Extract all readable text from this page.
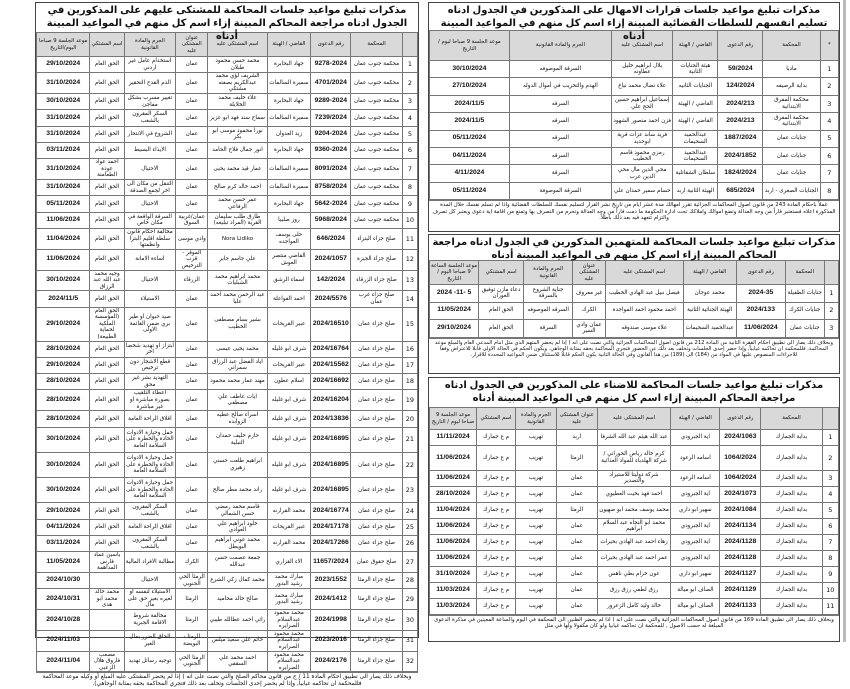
مذكرات تبليغ مواعيد جلسات المحاكمة للمشتكى عليهم على المذكورين في الجدول ادناه مراجعة المحاكم المبينة إزاء اسم كل منهم في المواعيد المبينة أدناه
	المحكمة	رقم الدعوى	القاضي / الهيئة	اسم المشتكى عليه	عنوان المشتكى عليه	الجرم والمادة القانونية	اسم المشتكي	موعد الجلسة 9 صباحا اليوم/التاريخ
1	محكمة جنوب عمان	9278-2024	جهاد البحابرة	محمد حسن محمود طبلان	عمان	استخدام عامل غير اردني	الحق العام	29/10/2024
2	محكمة جنوب عمان	4701/2024	سميرة السالمات	الشريف لؤي محمد عبدالكريم بصفته مشتكي	عمان	الذم القدح التحقير	الحق العام	31/10/2024
3	محكمة جنوب عمان	9289-2024	جهاد البحابرة	علاء خليف محمد الخلايلة	عمان	تغيير مسرب بشكل مفاجئ	الحق العام	30/10/2024
4	محكمة جنوب عمان	7239/2024	سميرة السالمات	سماح سند فهد ابو عزيز	عمان	السكر المقرون بالشغب	الحق العام	31/10/2024
5	محكمة جنوب عمان	9204-2024	زيد العدوان	نورا محمود موسى ابو بكر	عمان	الشروع في الانتحار	الحق العام	31/10/2024
6	محكمة جنوب عمان	9360-2024	جهاد البحابرة	انور جمال فلاح الحامد	عمان	الايذاء البسيط	الحق العام	03/11/2024
7	محكمة جنوب عمان	8091/2024	سميرة السالمات	عمار قيد محمد يحيى	عمان	الاحتيال	احمد عواد عودة الطعامنة	31/10/2024
8	محكمة جنوب عمان	8758/2024	سميرة السالمات	احمد خالد كرم صالح	عمان	التنقل من مكان الى اخر لجمع الصدقة	الحق العام	31/10/2024
9	محكمة جنوب عمان	5642-2024	جهاد البحابرة	عمر حسن محمد الرفاعي	عمان	الاحتيال	الحق العام	05/11/2024
10	محكمة جنوب عمان	5968/2024	روز صليبا	طارق طلب سليمان القرية (المراد تبليغه)	عمان/غربية السوق	السرقة الواقعة في مكان خاص	الحق العام	11/06/2024
11	صلح جزاء البتراء	646/2024	حلى يوسف العواجده	Nora Lidiko	وادي موسى	مخالفة احكام قانون سلطة اقليم البترا وانظمتها	الحق العام	11/04/2024
12	صلح جزاء الجيزة	2024/1057	القاضي منتصر العوش	علي جاسم جابر	الموقر - قرب الترخيص	اساءة الامانة	الحق العام	11/06/2024
13	صلح جزاء الزرقاء	142/2024	اسماء الرشق	محمد ابراهيم محمد الشبليات	الزرقاء	الاحتيال	وجيه محمد عبد الله عبد الرزاق	30/10/2024
14	صلح جزاء غرب عمان	2024/5576	احمد الفواعلة	عبد الرحمن محمد احمد علبا	عمان	الاستيلاء	الحق العام	2024/11/5
15	صلح جزاء عمان	2024/16510	عبير القريحات	بشير بسام مصطفى الخطيب	عمان	صيد حيوان او طير بري ضمن القائمة الاولى	الحق العام (المؤسسة الملكية لحماية الطبيعة)	29/10/2024
16	صلح جزاء عمان	2024/16764	شرف ابو غليله	محمد يحيى عيسى	عمان	ابتزاز او تهديد شخصا اخر	الحق العام	28/10/2024
17	صلح جزاء عمان	2024/15562	عبير القريحات	اياد الفضل عبد الرزاق سمراني	عمان	قطع الاشجار دون ترخيص	الحق العام	29/10/2024
18	صلح جزاء عمان	2024/16692	اسلام عطون	مهند عمار محمد محمود	عمان	التهديد بشر غير محق	الحق العام	28/10/2024
19	صلح جزاء عمان	2024/16204	شرف ابو غليله	ايات عاطف علي مصطفى	عمان	اعطاء التلقيب بصورة مباشرة او غير مباشرة	الحق العام	28/10/2024
20	صلح جزاء عمان	2024/13836	شرف ابو غليله	اسراء صالح عطيه الزوابده	عمان	اقلاق الراحة العامة	الحق العام	28/10/2024
21	صلح جزاء عمان	2024/16895	شرف ابو غليله	حازم خليف حمدان النبلية	عمان	حمل وحيازة الادوات الحادة والخطرة على السلامة العامة	الحق العام	30/10/2024
22	صلح جزاء عمان	2024/16895	شرف ابو غليله	ابراهيم طلعت حسني زهيري	عمان	حمل وحيازة الادوات الحادة والخطرة على السلامة العامة	الحق العام	30/10/2024
23	صلح جزاء عمان	2024/16895	شرف ابو غليله	راند محمد مطر صالح	عمان	حمل وحيازة الادوات الحادة والخطرة على السلامة العامة	الحق العام	30/10/2024
24	صلح جزاء عمان	2024/16774	محمد القرارنه	قاسم محمد رمضي حسن الشمالي	عمان	السكر المقرون بالشغب	الحق العام	29/10/2024
25	صلح جزاء عمان	2024/17178	عبير القريحات	خلود ابراهيم علي العوادي	عمان	اقلاق الراحة العامة	الحق العام	04/11/2024
26	صلح جزاء عمان	2024/17266	محمد القرارنه	محمد عوني ابراهيم البويطل	عمان	السكر المقرون بالشغب	الحق العام	03/11/2024
27	صلح حقوق عمان	11657/2024	الاء القزاري	جمعة عصمت حسن عبدالله	الكرك	مطالبة الافراد المالية	ياسين عماد فارس المداهمة	11/05/2024
28	صلح جزاء الرمثا	2023/1552	مبارك محمد رشيد البدور	محمد كمال زكي الشرع	الرمثا الحي الجنوبي	الاحتيال		2024/10/30
29	صلح جزاء الرمثا	2024/1412	مبارك محمد رشيد البدور	صالح خالد محاميد	الرمثا	الاستيلاء لنفسه او لغيره بغير حق على مال	محمد خالد محمد ابو هدى	2024/10/31
30	صلح جزاء الرمثا	2024/1998	محمد محمود عبدالسلام الصرايره	رائي احمد عطالله طيبي	الرمثا	مخالفة شروط الاقامة الجبرية		2024/10/28
31	صلح جزاء الرمثا	2023/2016	محمد محمود عبدالسلام الصرايره	حاتم علي سعيد ميلس	الرمثا - البويضة	الحاق الضرر بمال الغير		2024/11/03
32	صلح جزاء الرمثا	2024/2176	محمد محمود عبدالسلام الصرايره	احمد محمد علي السقفي	الرمثا الحي الجنوبي	توجيه رسائل تهديد	مصعب فاروق هلال الزعبي	2024/11/04
وبخلاف ذلك يصار الى تطبيق احكام المادة 11 / ج من قانون محاكم الصلح والتي نصت على انه ( إذا لم يحضر المشتكى عليه المبلغ أو وكيله موعد المحاكمة فللمحكمة ان تحاكمه غيابياً, وإذا لم يحضر إحدى الجلسات وتخلف بعد ذلك فتجري المحاكمة بحقه بمثابة الوجاهي).
مذكرات تبليغ مواعيد جلسات قرارات الامهال على المذكورين في الجدول ادناه تسليم انفسهم للسلطات القضائية المبينة إزاء اسم كل منهم في المواعيد المبينة أدناه
*	المحكمة	رقم الدعوى	القاضي / الهيئة	اسم المشتكى عليه	الجرم والمادة القانونية	موعد الجلسة 9 صباحا ليوم / التاريخ
1	مادبا	59/2024	هيئة الجنايات الثانية	بلال ابراهيم خليل عطاونه	السرقة الموصوفه	30/10/2024
2	بداية الرصيفه	124/2024	الجنايات الثانيه	علاء نضال محمد نياغ	الهدم والتخريب في أموال الدوله	27/10/2024
3	محكمة المفرق الابتدائية	2024/213	القاضي / الهيئة	إسماعيل ابراهيم حسين الحج علي	السرقه	2024/11/5
4	محكمة المفرق الابتدائية	2024/213	القاضي / الهيئة	فزن احمد منصور الشهود	السرقه	2024/11/5
5	جنايات عمان	1887/2024	عبدالحميد السحيمات	فريد ساند عزات فرية ابوحديد	السرقه	05/11/2024
6	جنايات عمان	2024/1852	عبدالحميد السحيمات	رمزي محمود قاسم الخطيب	السرقه	04/11/2024
7	جنايات عمان	1824/2024	سلطان الشقاتلية	محي الدين مال محي الدين عرب	السرقة	4/11/2024
8	الجنايات الصغرى - اربد	685/2024	الهيئة الثانية اربد	حسام سمير حمدان علي	السرقة الموصوفة	05/11/2024
عملاً باحكام المادة 243 من قانون اصول المحاكمات الجزائية تقرر امهالك مدة عشر ايام من تاريخ نشر القرار لتسليم نفسك للسلطات القضائية واذا لم تسلم نفسك خلال المدة المذكورة اعلاه فستعتبر فاراً من وجه العدالة وتضع اموالك واملاكك تحت ادارة الحكومة ما دمت فاراً من وجه العدالة وتحرم من التصرف بها وتمنع من اقامة اية دعوى ويعتبر كل تصرف والتزام تتعهد فيه بعد ذلك باطلاً.
مذكرات تبليغ مواعيد جلسات المحاكمة للمتهمين المذكورين في الجدول ادناه مراجعة المحاكم المبينة إزاء اسم كل منهم في المواعيد المبينة أدناه
	المحكمة	رقم الدعوى	القاضي / الهيئة	اسم المشتكى عليه	عنوان المشتكى عليه	الجرم والمادة القانونية	اسم المشتكي	موعد الجلسة الساعة 9 صباحا اليوم / التاريخ
1	جنايات الطفيلة	2024-35	محمد عوجان	فيصل نبيل عبد الهادي الخطيب	غير معروف	جناية الشروع بالسرقة	دعاء مازن توفيق العوران	2024 -11- 5
2	جنايات الكرك	2024/133	الهيئة الجنائية الثانية	احمد محمود احمد المواجدة	الكرك	السرقه الموصوفه	الحق العام	11/05/2024
3	جنايات عمان	11/06/2024	عبدالحميد السحيمات	علاء موسى صندوقه	عمان وادي السير	السرقة	الحق العام	29/10/2024
وبخلاف ذلك يصار الى تطبيق احكام الفقرة الثانية من المادة 212 من قانون اصول المحاكمات الجزائية والتي نصت على انه ( إذا لم يحضر المتهم الذي مثل امام المدعي العام والمبلغ موعد المحاكمة, فللمحكمة ان تحاكمه غيابياً, وإذا حضر إحدى الجلسات وتخلف بعد ذلك عن الحضور فتجري المحاكمة بحقه بمثابة الوجاهي. ويكون الحكم في الحالة الاولى قابلا للاعتراض وفقا للاجراءات المنصوص عليها في المواد من (184) الى (189) من هذا القانون وفي الحالة الثانية يكون الحكم قابلا للاستئناف ضمن المواعيد المحددة للاقرار.
مذكرات تبليغ مواعيد جلسات المحاكمة للاضناء على المذكورين في الجدول ادناه مراجعة المحاكم المبينة إزاء اسم كل منهم في المواعيد المبينة أدناه
	المحكمة	رقم الدعوى	القاضي / الهيئة	اسم المشتكى عليه	عنوان المشتكى عليه	الجرم والمادة القانونية	اسم المشتكي	موعد الجلسة 9 صباحا ليوم / التاريخ
1	بداية الجمارك	2024/1063	اية الجبرودي	عبد الله هيثم عبد الله الشرفا	اربد	تهريب	م ع جمارك	11/11/2024
2	بداية الجمارك	1064/2024	اسامه الرعود	كرم خالد رياض الحوراني /شركة الهلدباء للمواد الغذائية	الرمثا	تهريب	م ع جمارك	11/06/2024
3	بداية الجمارك	1064/2024	اسامه الرعود	شركة دوليتا للاستيراد والتصدير	عمان	تهريب	م ع جمارك	11/06/2024
4	بداية الجمارك	2024/1073	اية الجبرودي	احمد فهد بخيت العطيوي	عمان	تهريب	م ع جمارك	28/10/2024
5	بداية الجمارك	2024/1084	سهير ابو داري	محمد يوسف محمد ابو صهيون	الرمثا	تهريب	م ع جمارك	11/04/2024
6	بداية الجمارك	2024/1134	اية الجبرودي	محمد ابو النجاه عبد السلام ابراهيم	عمان	تهريب	م ع جمارك	11/06/2024
7	بداية الجمارك	2024/1128	اية الجبرودي	زهاء احمد عبد الهادي بحيرات	عمان	تهريب	م ع جمارك	11/06/2024
8	بداية الجمارك	2024/1128	اية الجبرودي	عمر احمد عبد الهادي بحيرات	عمان	تهريب	م ع جمارك	11/06/2024
9	بداية الجمارك	2024/1127	سهير ابو داري	عون خزام بطي ناهس	عمان	تهريب	م ع جمارك	31/10/2024
10	بداية الجمارك	2024/1129	الصاف ابو ميالة	رزق لطفي رزق رزق	عمان	تهريب	م ع جمارك	11/03/2024
11	بداية الجمارك	2024/1133	الصاف ابو ميالة	خالد وليد كامل الزعرور	عمان	تهريب	م ع جمارك	11/03/2024
وبخلاف ذلك يصار الى تطبيق المادة 169 من قانون اصول المحاكمات الجزائية والتي نصت على انه ( اذا لم يحضر الظنين الى المحكمة في اليوم والساعة المعينين في مذكرة الدعوى المبلغة له حسب الاصول , للمحكمة ان تحاكمه غيابيا ولو كان مكفولا ولها في مثل
